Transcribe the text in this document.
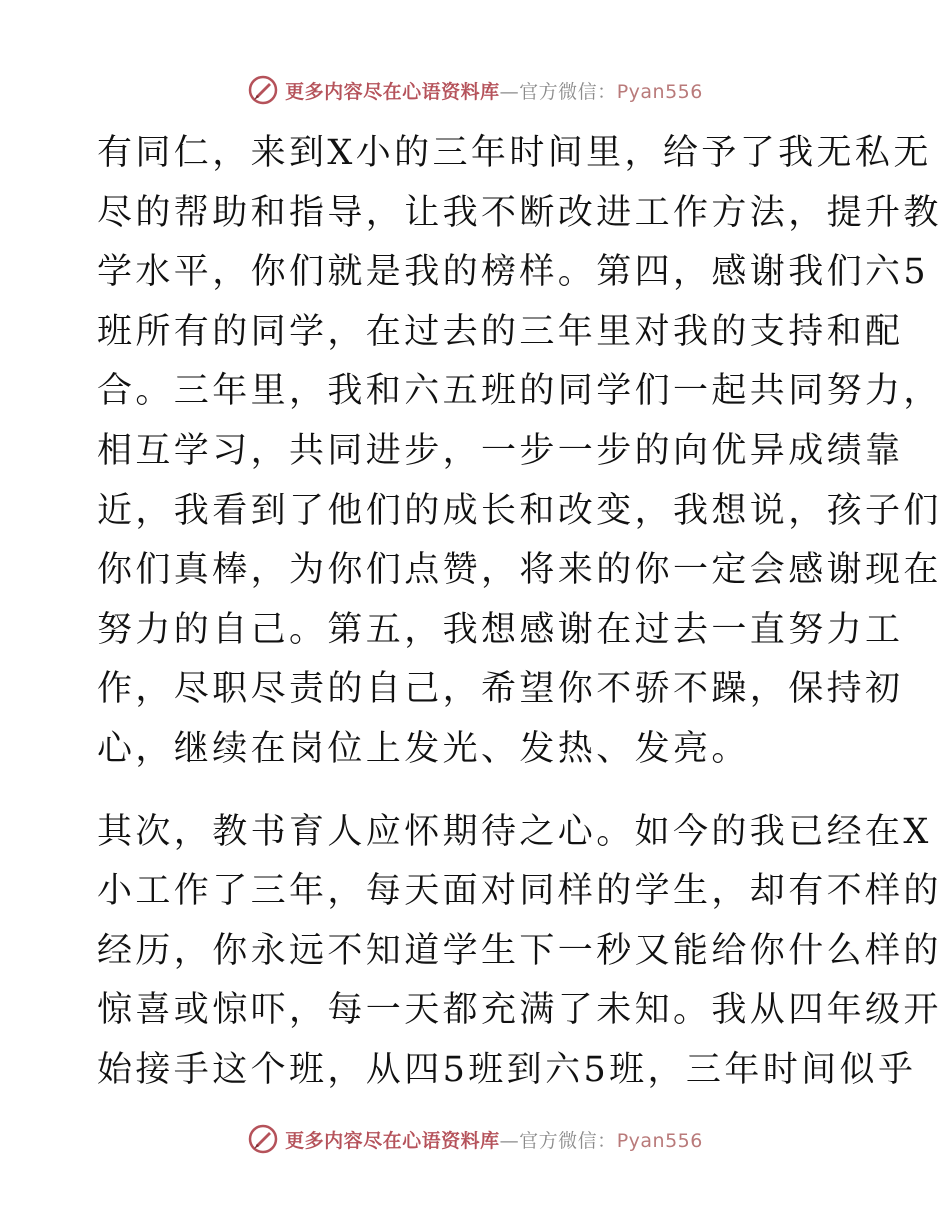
更多内容尽在心语资料库—官方微信：Pyan556
有同仁，来到X小的三年时间里，给予了我无私无
尽的帮助和指导，让我不断改进工作方法，提升教
学水平，你们就是我的榜样。第四，感谢我们六5
班所有的同学，在过去的三年里对我的支持和配
合。三年里，我和六五班的同学们一起共同努力，
相互学习，共同进步，一步一步的向优异成绩靠
近，我看到了他们的成长和改变，我想说，孩子们
你们真棒，为你们点赞，将来的你一定会感谢现在
努力的自己。第五，我想感谢在过去一直努力工
作，尽职尽责的自己，希望你不骄不躁，保持初
心，继续在岗位上发光、发热、发亮。
其次，教书育人应怀期待之心。如今的我已经在X
小工作了三年，每天面对同样的学生，却有不样的
经历，你永远不知道学生下一秒又能给你什么样的
惊喜或惊吓，每一天都充满了未知。我从四年级开
始接手这个班，从四5班到六5班，三年时间似乎
更多内容尽在心语资料库—官方微信：Pyan556
